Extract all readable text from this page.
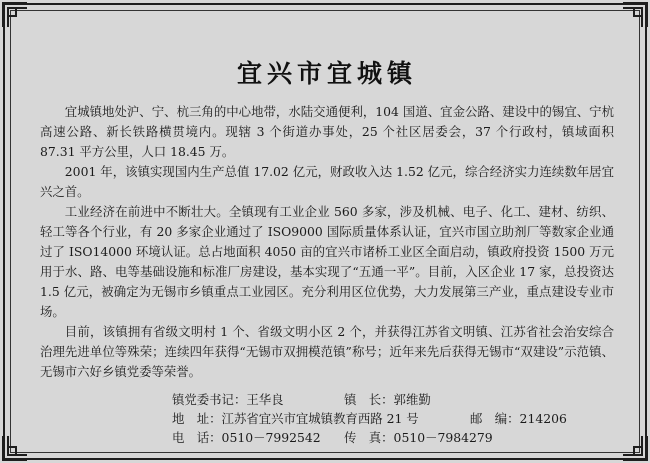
宜兴市宜城镇

宜城镇地处沪、宁、杭三角的中心地带，水陆交通便利，104 国道、宜金公路、建设中的锡宜、宁杭高速公路、新长铁路横贯境内。现辖 3 个街道办事处，25 个社区居委会，37 个行政村，镇域面积 87.31 平方公里，人口 18.45 万。

2001 年，该镇实现国内生产总值 17.02 亿元，财政收入达 1.52 亿元，综合经济实力连续数年居宜兴之首。

工业经济在前进中不断壮大。全镇现有工业企业 560 多家，涉及机械、电子、化工、建材、纺织、轻工等各个行业，有 20 多家企业通过了 ISO9000 国际质量体系认证，宜兴市国立助剂厂等数家企业通过了 ISO14000 环境认证。总占地面积 4050 亩的宜兴市诸桥工业区全面启动，镇政府投资 1500 万元用于水、路、电等基础设施和标准厂房建设，基本实现了“五通一平”。目前，入区企业 17 家，总投资达 1.5 亿元，被确定为无锡市乡镇重点工业园区。充分利用区位优势，大力发展第三产业，重点建设专业市场。

目前，该镇拥有省级文明村 1 个、省级文明小区 2 个，并获得江苏省文明镇、江苏省社会治安综合治理先进单位等殊荣；连续四年获得“无锡市双拥模范镇”称号；近年来先后获得无锡市“双建设”示范镇、无锡市六好乡镇党委等荣誉。

镇党委书记：王华良	镇　长：郭维勤
地　址：江苏省宜兴市宜城镇教育西路 21 号	邮　编：214206
电　话：0510－7992542	传　真：0510－7984279
